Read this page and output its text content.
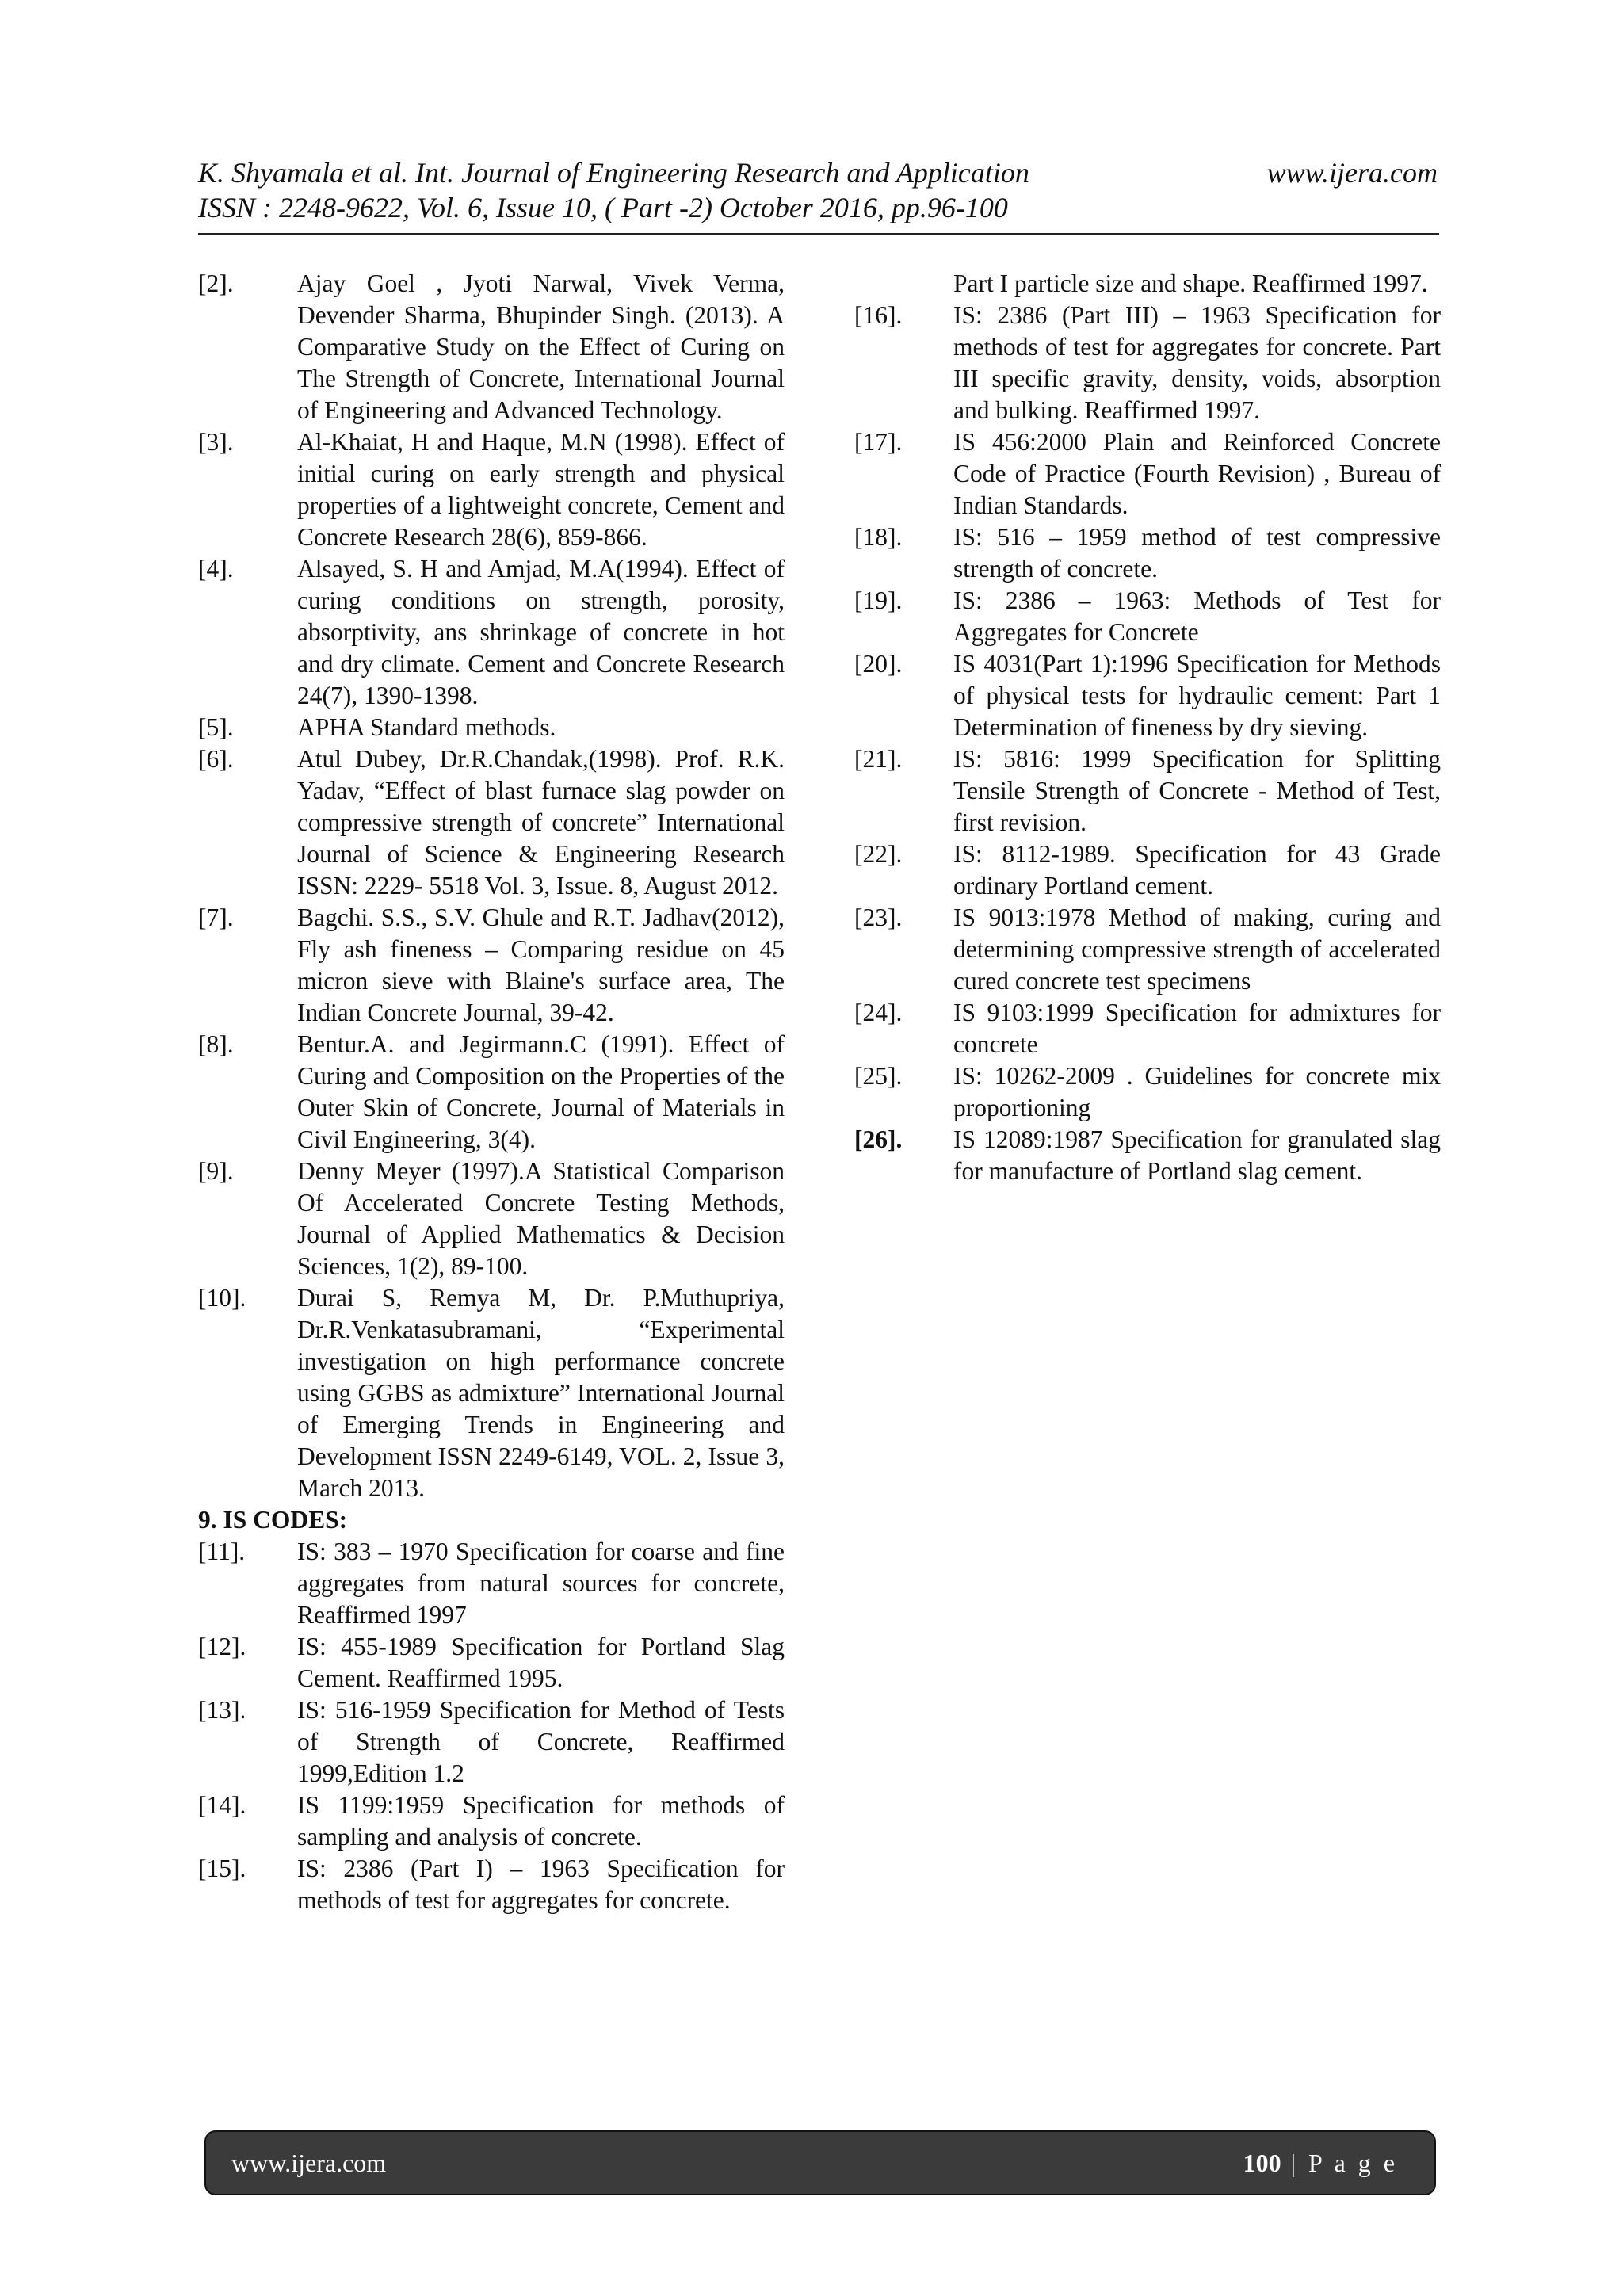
K. Shyamala et al. Int. Journal of Engineering Research and Application	www.ijera.com
ISSN : 2248-9622, Vol. 6, Issue 10, ( Part -2) October 2016, pp.96-100
[2].	Ajay Goel , Jyoti Narwal, Vivek Verma, Devender Sharma, Bhupinder Singh. (2013). A Comparative Study on the Effect of Curing on The Strength of Concrete, International Journal of Engineering and Advanced Technology.
[3].	Al-Khaiat, H and Haque, M.N (1998). Effect of initial curing on early strength and physical properties of a lightweight concrete, Cement and Concrete Research 28(6), 859-866.
[4].	Alsayed, S. H and Amjad, M.A(1994). Effect of curing conditions on strength, porosity, absorptivity, ans shrinkage of concrete in hot and dry climate. Cement and Concrete Research 24(7), 1390-1398.
[5].	APHA Standard methods.
[6].	Atul Dubey, Dr.R.Chandak,(1998). Prof. R.K. Yadav, “Effect of blast furnace slag powder on compressive strength of concrete” International Journal of Science & Engineering Research ISSN: 2229- 5518 Vol. 3, Issue. 8, August 2012.
[7].	Bagchi. S.S., S.V. Ghule and R.T. Jadhav(2012), Fly ash fineness – Comparing residue on 45 micron sieve with Blaine's surface area, The Indian Concrete Journal, 39-42.
[8].	Bentur.A. and Jegirmann.C (1991). Effect of Curing and Composition on the Properties of the Outer Skin of Concrete, Journal of Materials in Civil Engineering, 3(4).
[9].	Denny Meyer (1997).A Statistical Comparison Of Accelerated Concrete Testing Methods, Journal of Applied Mathematics & Decision Sciences, 1(2), 89-100.
[10].	Durai S, Remya M, Dr. P.Muthupriya, Dr.R.Venkatasubramani, “Experimental investigation on high performance concrete using GGBS as admixture” International Journal of Emerging Trends in Engineering and Development ISSN 2249-6149, VOL. 2, Issue 3, March 2013.
9. IS CODES:
[11].	IS: 383 – 1970 Specification for coarse and fine aggregates from natural sources for concrete, Reaffirmed 1997
[12].	IS: 455-1989 Specification for Portland Slag Cement. Reaffirmed 1995.
[13].	IS: 516-1959 Specification for Method of Tests of Strength of Concrete, Reaffirmed 1999,Edition 1.2
[14].	IS 1199:1959 Specification for methods of sampling and analysis of concrete.
[15].	IS: 2386 (Part I) – 1963 Specification for methods of test for aggregates for concrete.
Part I particle size and shape. Reaffirmed 1997.
[16].	IS: 2386 (Part III) – 1963 Specification for methods of test for aggregates for concrete. Part III specific gravity, density, voids, absorption and bulking. Reaffirmed 1997.
[17].	IS 456:2000 Plain and Reinforced Concrete Code of Practice (Fourth Revision) , Bureau of Indian Standards.
[18].	IS: 516 – 1959 method of test compressive strength of concrete.
[19].	IS: 2386 – 1963: Methods of Test for Aggregates for Concrete
[20].	IS 4031(Part 1):1996 Specification for Methods of physical tests for hydraulic cement: Part 1 Determination of fineness by dry sieving.
[21].	IS: 5816: 1999 Specification for Splitting Tensile Strength of Concrete - Method of Test, first revision.
[22].	IS: 8112-1989. Specification for 43 Grade ordinary Portland cement.
[23].	IS 9013:1978 Method of making, curing and determining compressive strength of accelerated cured concrete test specimens
[24].	IS 9103:1999 Specification for admixtures for concrete
[25].	IS: 10262-2009 . Guidelines for concrete mix proportioning
[26].	IS 12089:1987 Specification for granulated slag for manufacture of Portland slag cement.
www.ijera.com	100 | P a g e
